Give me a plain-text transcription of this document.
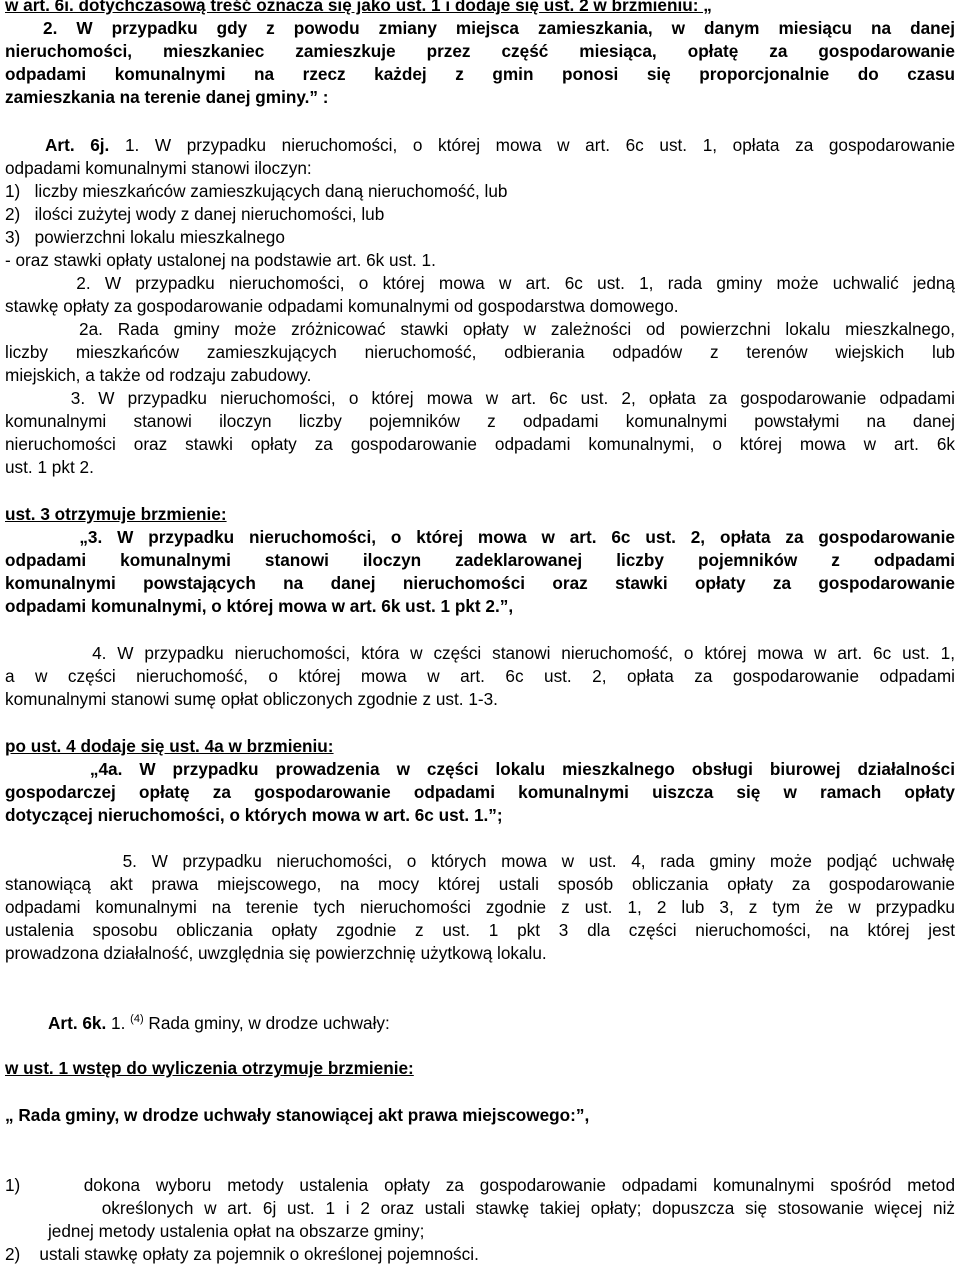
w art. 6i. dotychczasową treść oznacza się jako ust. 1 i dodaje się ust. 2 w brzmieniu: „
2. W przypadku gdy z powodu zmiany miejsca zamieszkania, w danym miesiącu na danej
nieruchomości, mieszkaniec zamieszkuje przez część miesiąca, opłatę za gospodarowanie
odpadami komunalnymi na rzecz każdej z gmin ponosi się proporcjonalnie do czasu
zamieszkania na terenie danej gminy.” :
Art. 6j. 1. W przypadku nieruchomości, o której mowa w art. 6c ust. 1, opłata za gospodarowanie
odpadami komunalnymi stanowi iloczyn:
1)   liczby mieszkańców zamieszkujących daną nieruchomość, lub
2)   ilości zużytej wody z danej nieruchomości, lub
3)   powierzchni lokalu mieszkalnego
- oraz stawki opłaty ustalonej na podstawie art. 6k ust. 1.
2. W przypadku nieruchomości, o której mowa w art. 6c ust. 1, rada gminy może uchwalić jedną
stawkę opłaty za gospodarowanie odpadami komunalnymi od gospodarstwa domowego.
2a. Rada gminy może zróżnicować stawki opłaty w zależności od powierzchni lokalu mieszkalnego,
liczby mieszkańców zamieszkujących nieruchomość, odbierania odpadów z terenów wiejskich lub
miejskich, a także od rodzaju zabudowy.
3. W przypadku nieruchomości, o której mowa w art. 6c ust. 2, opłata za gospodarowanie odpadami
komunalnymi stanowi iloczyn liczby pojemników z odpadami komunalnymi powstałymi na danej
nieruchomości oraz stawki opłaty za gospodarowanie odpadami komunalnymi, o której mowa w art. 6k
ust. 1 pkt 2.
ust. 3 otrzymuje brzmienie:
„3. W przypadku nieruchomości, o której mowa w art. 6c ust. 2, opłata za gospodarowanie
odpadami komunalnymi stanowi iloczyn zadeklarowanej liczby pojemników z odpadami
komunalnymi powstających na danej nieruchomości oraz stawki opłaty za gospodarowanie
odpadami komunalnymi, o której mowa w art. 6k ust. 1 pkt 2.”,
4. W przypadku nieruchomości, która w części stanowi nieruchomość, o której mowa w art. 6c ust. 1,
a w części nieruchomość, o której mowa w art. 6c ust. 2, opłata za gospodarowanie odpadami
komunalnymi stanowi sumę opłat obliczonych zgodnie z ust. 1-3.
po ust. 4 dodaje się ust. 4a w brzmieniu:
„4a. W przypadku prowadzenia w części lokalu mieszkalnego obsługi biurowej działalności
gospodarczej opłatę za gospodarowanie odpadami komunalnymi uiszcza się w ramach opłaty
dotyczącej nieruchomości, o których mowa w art. 6c ust. 1.”;
5. W przypadku nieruchomości, o których mowa w ust. 4, rada gminy może podjąć uchwałę
stanowiącą akt prawa miejscowego, na mocy której ustali sposób obliczania opłaty za gospodarowanie
odpadami komunalnymi na terenie tych nieruchomości zgodnie z ust. 1, 2 lub 3, z tym że w przypadku
ustalenia sposobu obliczania opłaty zgodnie z ust. 1 pkt 3 dla części nieruchomości, na której jest
prowadzona działalność, uwzględnia się powierzchnię użytkową lokalu.
Art. 6k. 1. $^{(4)}$ Rada gminy, w drodze uchwały:
w ust. 1 wstęp do wyliczenia otrzymuje brzmienie:
„ Rada gminy, w drodze uchwały stanowiącej akt prawa miejscowego:”,
1)    dokona wyboru metody ustalenia opłaty za gospodarowanie odpadami komunalnymi spośród metod
określonych w art. 6j ust. 1 i 2 oraz ustali stawkę takiej opłaty; dopuszcza się stosowanie więcej niż
jednej metody ustalenia opłat na obszarze gminy;
2)    ustali stawkę opłaty za pojemnik o określonej pojemności.
